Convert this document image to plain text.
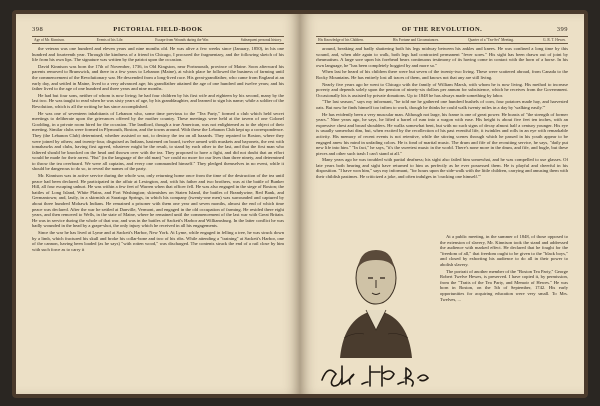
398	PICTORIAL FIELD-BOOK
Age of Mr. Kinnison.	Events of his Life.	Escape from Wounds during the War.	Subsequent personal history.

the veteran was one hundred and eleven years and nine months old. He was alive a few weeks since (January, 1850), in his one hundred and fourteenth year. Through the kindness of a friend in Chicago, I procured the fragmentary, and the following sketch of his life from his own lips. The signature was written by the patriot upon the occasion.

David Kinnison was born the 17th of November, 1736, in Old Kingston, near Portsmouth, province of Maine. Soon afterward his parents removed to Brunswick, and there in a few years to Lebanon (Maine), at which place he followed the business of farming until the commencement of the Revolutionary war. He descended from a long-lived race. His great-grandfather, who came from England at an early day, and settled in Maine, lived to a very advanced age; his grandfather attained the age of one hundred and twelve years; and his father lived to the age of one hundred and three years and nine months.

He had but four sons, neither of whom is now living; he had four children by his first wife and eighteen by his second, many by the last two. He was taught to read when he was sixty years of age, by his granddaughter, and learned to sign his name; while a soldier of the Revolution, which is all the writing he has since accomplished.

He was one of seventeen inhabitants of Lebanon who, some time previous to the "Tea Party," formed a club which held secret meetings to deliberate upon the grievances offered by the mother country. These meetings were held at the tavern of one Colonel Goolding, in a private room hired for the occasion. The landlord, though a true American, was not enlightened as to the object of their meeting. Similar clubs were formed in Plymouth, Boston, and the towns around. With these the Lebanon Club kept up a correspondence. They (the Lebanon Club) determined, whether assisted or not, to destroy the tea on all hazards. They repaired to Boston, where they were joined by others; and twenty-four, disguised as Indians, hastened on board, twelve armed with muskets and bayonets, the rest with tomahawks and clubs, having first agreed, whatever might be the result, to stand by each other to the last, and that the first man who faltered should be knocked on the head and thrown over with the tea. They proposed to have a fight, and did not doubt that an effort would be made for their arrest. "But" (in the language of the old man) "we could no more for our lives than three ninety, and determined to throw the tea overboard. We were all captains, and every one commanded himself." They pledged themselves in no event, while it should be dangerous to do so, to reveal the names of the party.

Mr. Kinnison was in active service during the whole war, only returning home once from the time of the destruction of the tea until peace had been declared. He participated in the affair at Lexington, and, with his father and two brothers, was at the battle of Bunker Hill, all four escaping unhurt. He was within a few feet of Warren when that officer fell. He was also engaged in the siege of Boston; the battles of Long Island, White Plains, and Fort Washington; skirmishes on Staten Island, the battles of Brandywine, Red Bank, and Germantown; and, lastly, in a skirmish at Saratoga Springs, in which his company (twenty-one men) was surrounded and captured by about three hundred Mohawk Indians. He remained a prisoner with them one year and seven months, almost the end of which time peace was declared. After the war he settled at Danville, Vermont, and engaged in the old occupation of farming. He resided there eight years, and then removed to Wells, in the state of Maine, where he remained until the commencement of the last war with Great Britain. He was in service during the whole of that war, and was in the battles of Sackett's Harbor and Williamsburg. In the latter conflict he was badly wounded in the head by a grape-shot, the only injury which he received in all his engagements.

Since the war he has lived at Lyme and at Sackett's Harbor, New York. At Lyme, while engaged in felling a tree, he was struck down by a limb, which fractured his skull and broke his collar-bone and two of his ribs. While attending a "training" at Sackett's Harbor, one of the cannon, having been loaded (as he says) "with rotten wood," was discharged. The contents struck the end of a rail close by him with such force as to carry it

OF THE REVOLUTION.	399
His Knowledge of his Children.	His Fortune and Circumstances.	Quarter of a "Tea-Set" Meeting.	G. R. T. Hewes.

around, breaking and badly shattering both his legs midway between his ankles and knees. He was confined a long time by this wound, and, when able again to walk, both legs had contracted permanent "fever sores." His sight has been drawn out of joint by rheumatism. A large sore upon his forehead bears continuous testimony of its having come in contact with the horn of a horse. In his own language, he "has been completely hoggied by and more so."

When last he heard of his children there were but seven of the twenty-two living. These were scattered abroad, from Canada to the Rocky Mountains. He has entirely lost all traces of them, and knows not that any are still living.

Nearly five years ago he went to Chicago with the family of William Marsh, with whom he is now living. His method to increase poverty and depends solely upon the pension of ninety-six dollars per annum for subsistence, which he receives from the Government. Occasionally his is assisted by private donations. Up to 1848 he has always made something by labor.

"The last season," says my informant, "he told me he gathered one hundred bushels of corn, four potatoes made hay, and harvested oats. But now he finds himself too infirm to work, though he thinks he could walk twenty miles in a day by 'walking easily.'"

He has evidently been a very muscular man. Although not large, his frame is one of great power. He boasts of "the strength of former years." Nine years ago, he says, he lifted a barrel of rum into a wagon with ease. His height is about five feet ten inches, with an expressive chest and broad shoulders. He walks somewhat bent, but with no such signs of decay almost half a century younger. His eye is usually somewhat dim, but, when excited by the recollection of his past eventful life, it twinkles and rolls in an eye with remarkable activity. His memory of recent events is not retentive, while the stirring scenes through which he passed in his youth appear to be engaged anew his mind in unfading colors. He is fond of martial music. The drum and fife of the recruiting service, he says, "daily put new life into him." "In fact," he says, "it's the sweetest music in the world. There's none more in the drum, and fife, and bugle, but these pieces and other such trash I can't stand at all."

Many years ago he was troubled with partial deafness; his sight also failed him somewhat, and he was compelled to use glasses. Of late years both hearing and sight have returned to him as perfectly as he ever possessed them. He is playful and cheerful in his disposition. "I have won him," says my informant, "for hours upon the side-walk with the little children, carrying and amusing them with their childish pastimes. He criticized a joke, and often indulges in 'cracking one himself.'"

At a public meeting, in the summer of 1848, of those opposed to the extension of slavery, Mr. Kinnison took the stand and addressed the audience with marked effect. He declared that he fought for the "freedom of all," that freedom ought to be given to the "black boys," and closed by exhorting his audience to do all in their power to abolish slavery.

The portrait of another member of the "Boston Tea Party," George Robert Twelve Hewes, is preserved. I have copied it, by permission, from the "Traits of the Tea Party, and Memoir of Hewes." He was born in Boston, on the 5th of September, 1742. His early opportunities for acquiring education were very small. To Mrs. Twelves, ...
